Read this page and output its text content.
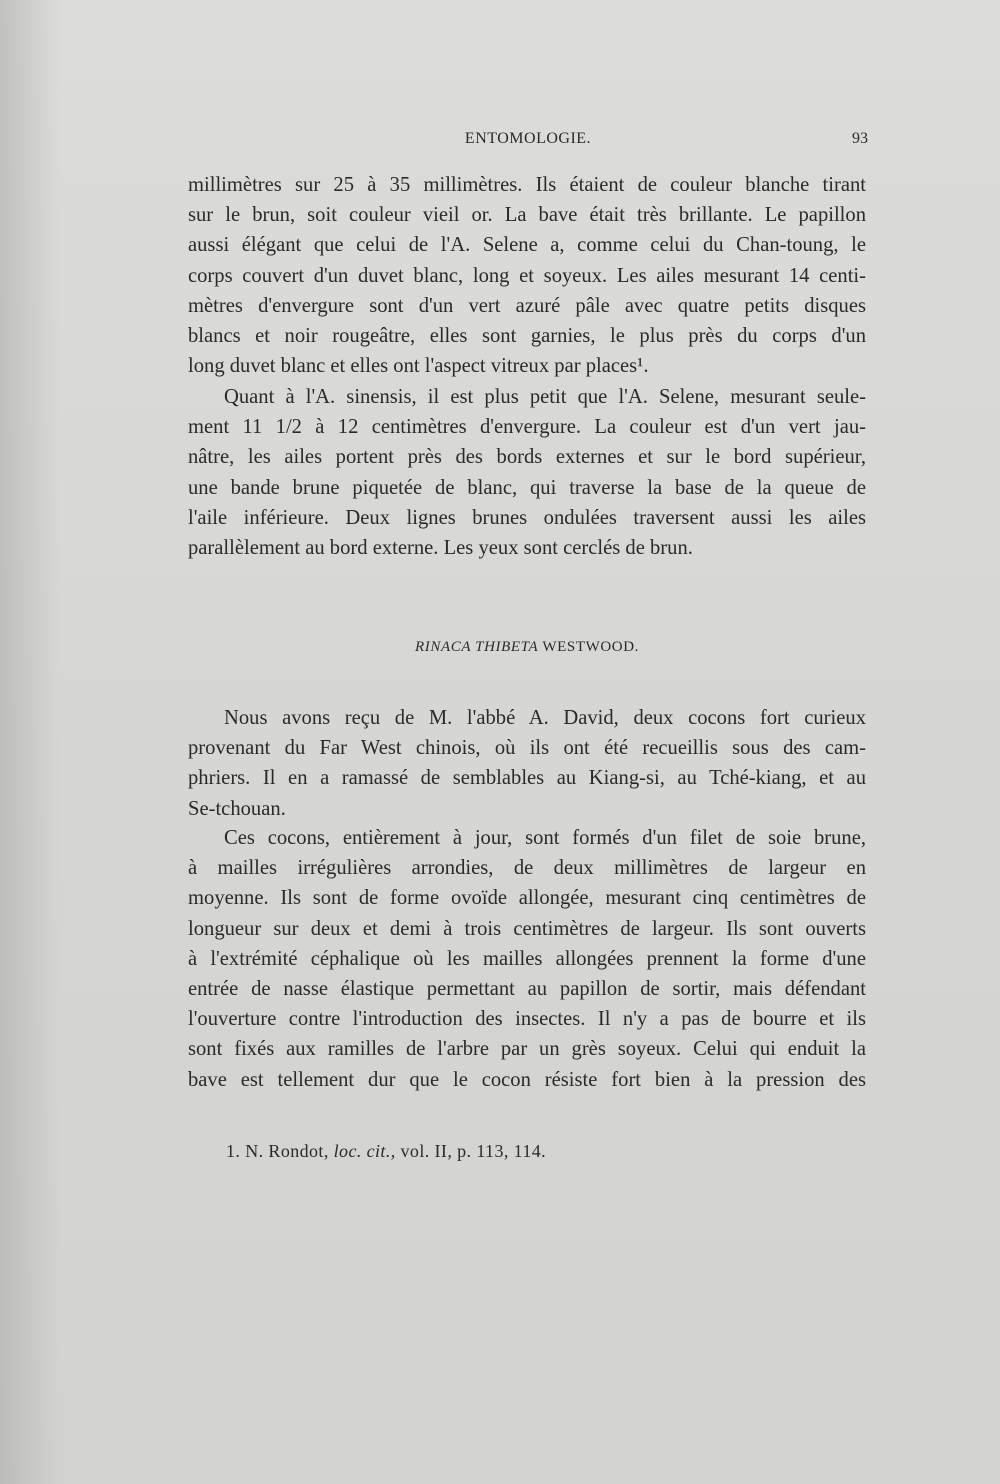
ENTOMOLOGIE.	93

millimètres sur 25 à 35 millimètres. Ils étaient de couleur blanche tirant
sur le brun, soit couleur vieil or. La bave était très brillante. Le papillon
aussi élégant que celui de l'A. Selene a, comme celui du Chan-toung, le
corps couvert d'un duvet blanc, long et soyeux. Les ailes mesurant 14 centi-
mètres d'envergure sont d'un vert azuré pâle avec quatre petits disques
blancs et noir rougeâtre, elles sont garnies, le plus près du corps d'un
long duvet blanc et elles ont l'aspect vitreux par places¹.

Quant à l'A. sinensis, il est plus petit que l'A. Selene, mesurant seule-
ment 11 1/2 à 12 centimètres d'envergure. La couleur est d'un vert jau-
nâtre, les ailes portent près des bords externes et sur le bord supérieur,
une bande brune piquetée de blanc, qui traverse la base de la queue de
l'aile inférieure. Deux lignes brunes ondulées traversent aussi les ailes
parallèlement au bord externe. Les yeux sont cerclés de brun.

RINACA THIBETA WESTWOOD.

Nous avons reçu de M. l'abbé A. David, deux cocons fort curieux
provenant du Far West chinois, où ils ont été recueillis sous des cam-
phriers. Il en a ramassé de semblables au Kiang-si, au Tché-kiang, et au
Se-tchouan.

Ces cocons, entièrement à jour, sont formés d'un filet de soie brune,
à mailles irrégulières arrondies, de deux millimètres de largeur en
moyenne. Ils sont de forme ovoïde allongée, mesurant cinq centimètres de
longueur sur deux et demi à trois centimètres de largeur. Ils sont ouverts
à l'extrémité céphalique où les mailles allongées prennent la forme d'une
entrée de nasse élastique permettant au papillon de sortir, mais défendant
l'ouverture contre l'introduction des insectes. Il n'y a pas de bourre et ils
sont fixés aux ramilles de l'arbre par un grès soyeux. Celui qui enduit la
bave est tellement dur que le cocon résiste fort bien à la pression des

1. N. Rondot, loc. cit., vol. II, p. 113, 114.
